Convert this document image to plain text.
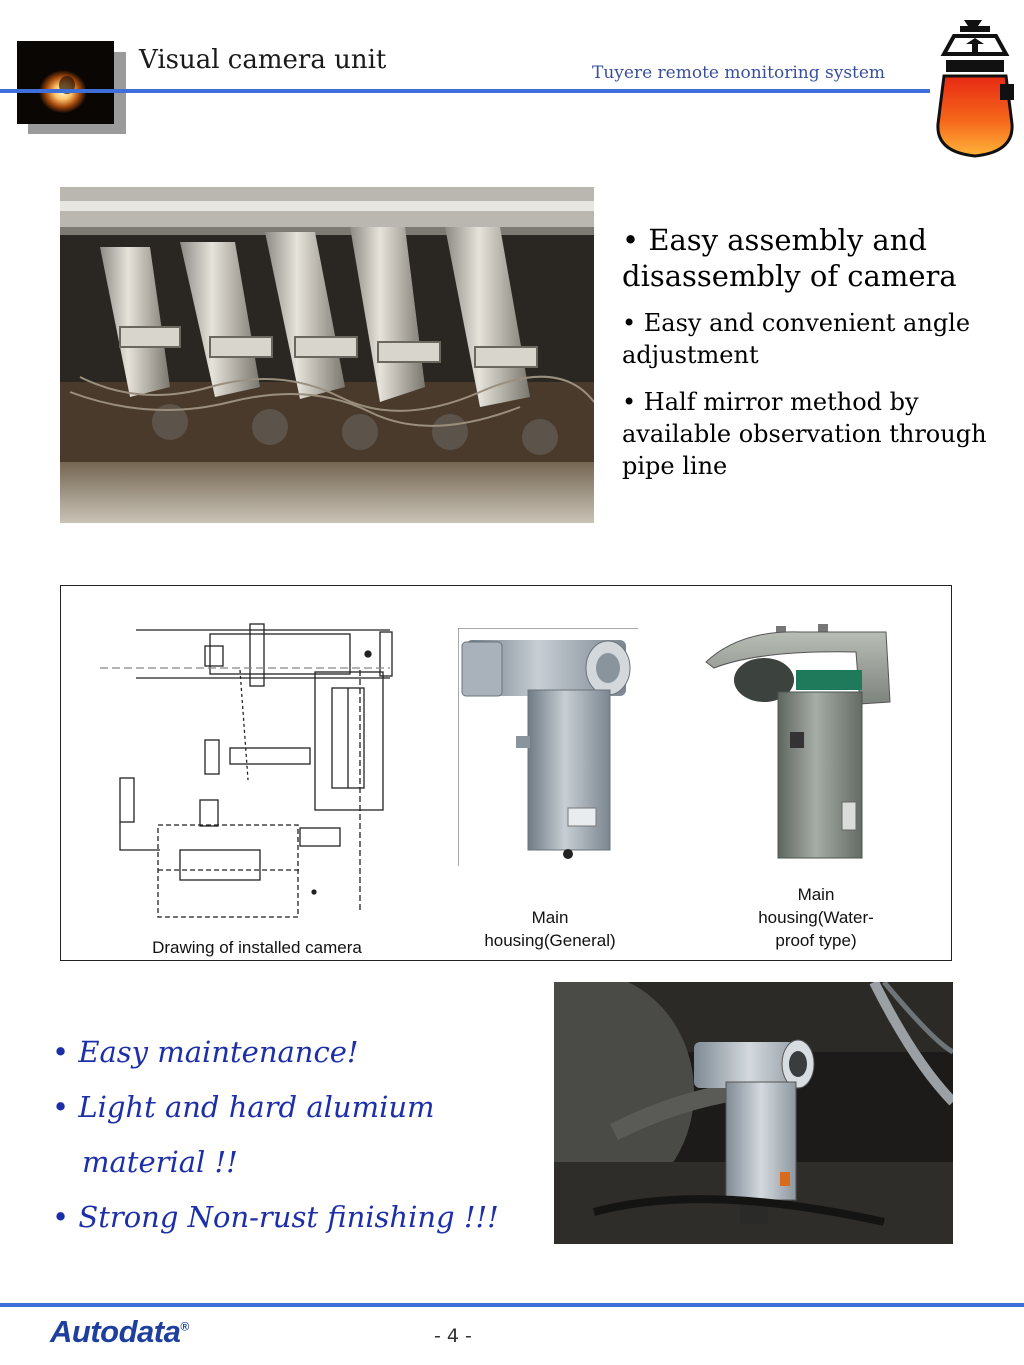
Visual camera unit	Tuyere remote monitoring system
• Easy assembly and disassembly of camera
• Easy and convenient angle adjustment
• Half mirror method by available observation through pipe line
Drawing of installed camera
Main housing(General)
Main housing(Water-proof type)
• Easy maintenance!
• Light and hard alumium
material !!
• Strong Non-rust finishing !!!
Autodata®	- 4 -
